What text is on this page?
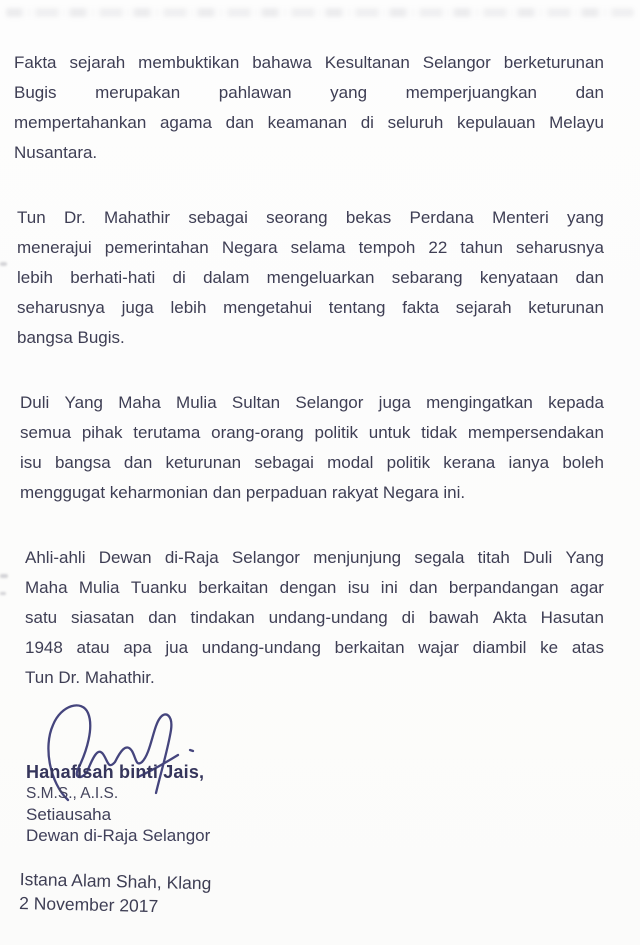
Fakta sejarah membuktikan bahawa Kesultanan Selangor berketurunan
Bugis merupakan pahlawan yang memperjuangkan dan
mempertahankan agama dan keamanan di seluruh kepulauan Melayu
Nusantara.
Tun Dr. Mahathir sebagai seorang bekas Perdana Menteri yang
menerajui pemerintahan Negara selama tempoh 22 tahun seharusnya
lebih berhati-hati di dalam mengeluarkan sebarang kenyataan dan
seharusnya juga lebih mengetahui tentang fakta sejarah keturunan
bangsa Bugis.
Duli Yang Maha Mulia Sultan Selangor juga mengingatkan kepada
semua pihak terutama orang-orang politik untuk tidak mempersendakan
isu bangsa dan keturunan sebagai modal politik kerana ianya boleh
menggugat keharmonian dan perpaduan rakyat Negara ini.
Ahli-ahli Dewan di-Raja Selangor menjunjung segala titah Duli Yang
Maha Mulia Tuanku berkaitan dengan isu ini dan berpandangan agar
satu siasatan dan tindakan undang-undang di bawah Akta Hasutan
1948 atau apa jua undang-undang berkaitan wajar diambil ke atas
Tun Dr. Mahathir.
Hanafisah binti Jais,
S.M.S., A.I.S.
Setiausaha
Dewan di-Raja Selangor
Istana Alam Shah, Klang
2 November 2017
